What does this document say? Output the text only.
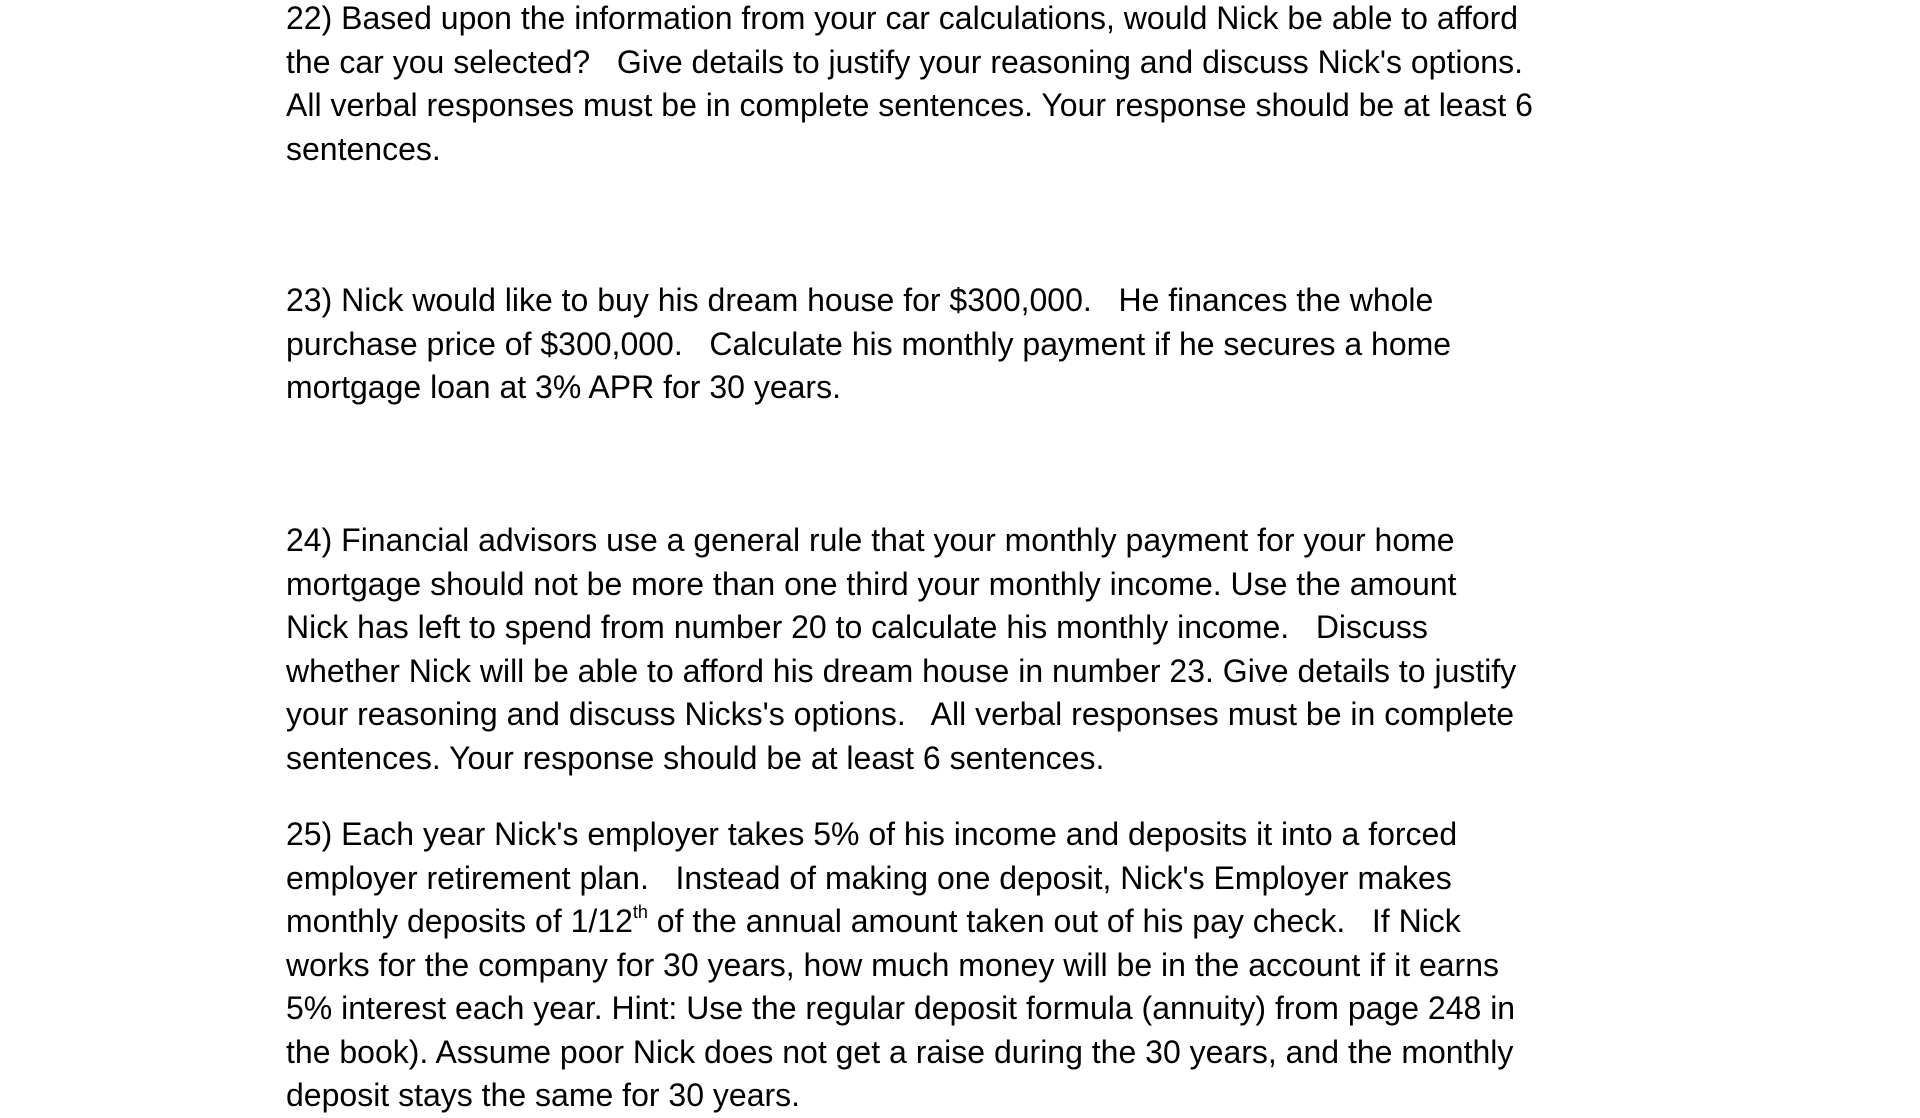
22) Based upon the information from your car calculations, would Nick be able to afford
the car you selected?   Give details to justify your reasoning and discuss Nick's options.
All verbal responses must be in complete sentences. Your response should be at least 6
sentences.

23) Nick would like to buy his dream house for $300,000.   He finances the whole
purchase price of $300,000.   Calculate his monthly payment if he secures a home
mortgage loan at 3% APR for 30 years.

24) Financial advisors use a general rule that your monthly payment for your home
mortgage should not be more than one third your monthly income. Use the amount
Nick has left to spend from number 20 to calculate his monthly income.   Discuss
whether Nick will be able to afford his dream house in number 23. Give details to justify
your reasoning and discuss Nicks's options.   All verbal responses must be in complete
sentences. Your response should be at least 6 sentences.

25) Each year Nick's employer takes 5% of his income and deposits it into a forced
employer retirement plan.   Instead of making one deposit, Nick's Employer makes
monthly deposits of 1/12th of the annual amount taken out of his pay check.   If Nick
works for the company for 30 years, how much money will be in the account if it earns
5% interest each year. Hint: Use the regular deposit formula (annuity) from page 248 in
the book). Assume poor Nick does not get a raise during the 30 years, and the monthly
deposit stays the same for 30 years.
